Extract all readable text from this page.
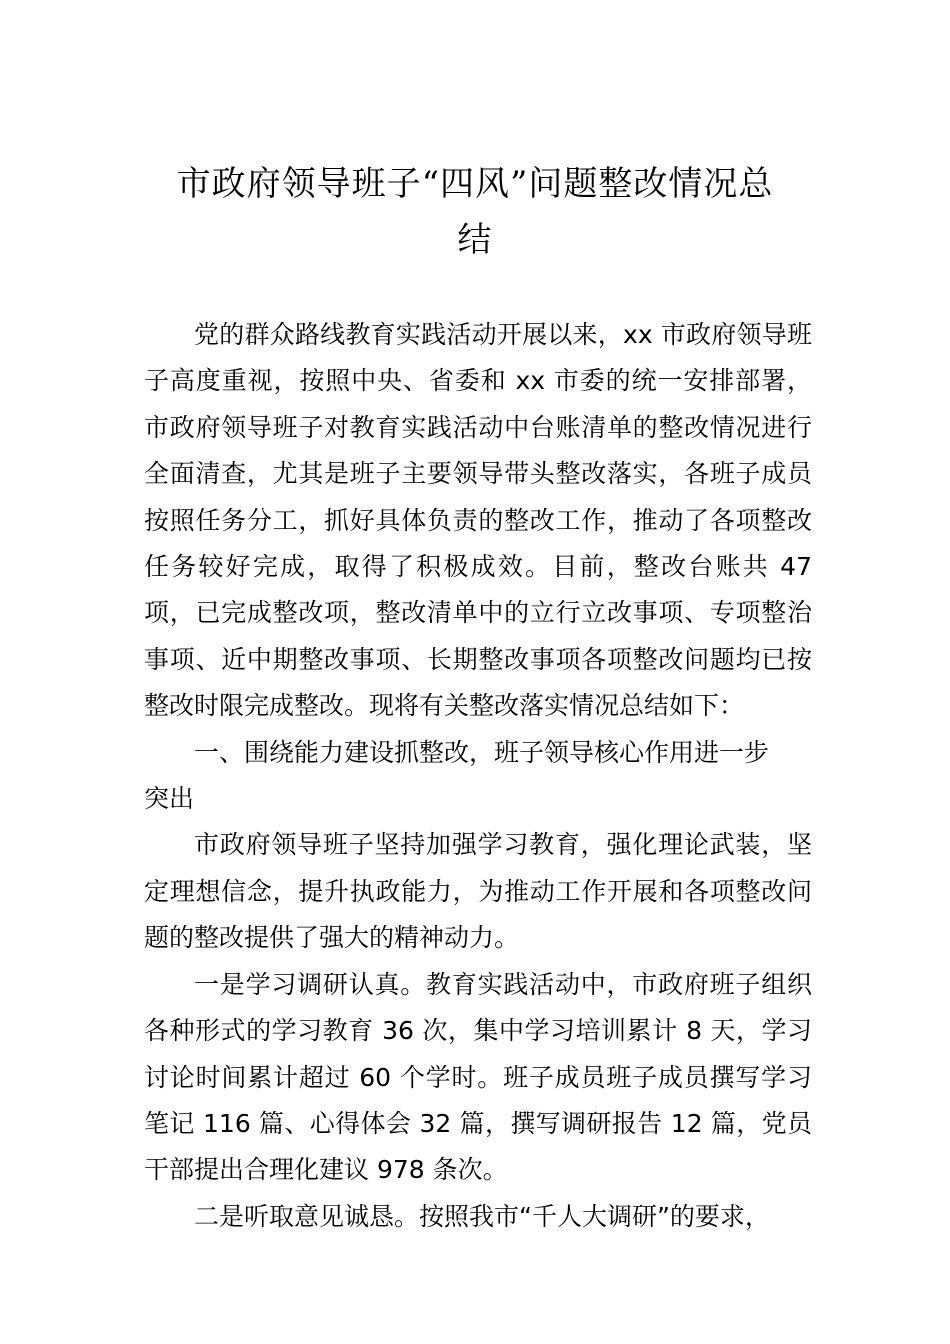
市政府领导班子“四风”问题整改情况总
结

党的群众路线教育实践活动开展以来，xx 市政府领导班子高度重视，按照中央、省委和 xx 市委的统一安排部署，市政府领导班子对教育实践活动中台账清单的整改情况进行全面清查，尤其是班子主要领导带头整改落实，各班子成员按照任务分工，抓好具体负责的整改工作，推动了各项整改任务较好完成，取得了积极成效。目前，整改台账共 47 项，已完成整改项，整改清单中的立行立改事项、专项整治事项、近中期整改事项、长期整改事项各项整改问题均已按整改时限完成整改。现将有关整改落实情况总结如下：

一、围绕能力建设抓整改，班子领导核心作用进一步突出

市政府领导班子坚持加强学习教育，强化理论武装，坚定理想信念，提升执政能力，为推动工作开展和各项整改问题的整改提供了强大的精神动力。

一是学习调研认真。教育实践活动中，市政府班子组织各种形式的学习教育 36 次，集中学习培训累计 8 天，学习讨论时间累计超过 60 个学时。班子成员班子成员撰写学习笔记 116 篇、心得体会 32 篇，撰写调研报告 12 篇，党员干部提出合理化建议 978 条次。

二是听取意见诚恳。按照我市“千人大调研”的要求，
